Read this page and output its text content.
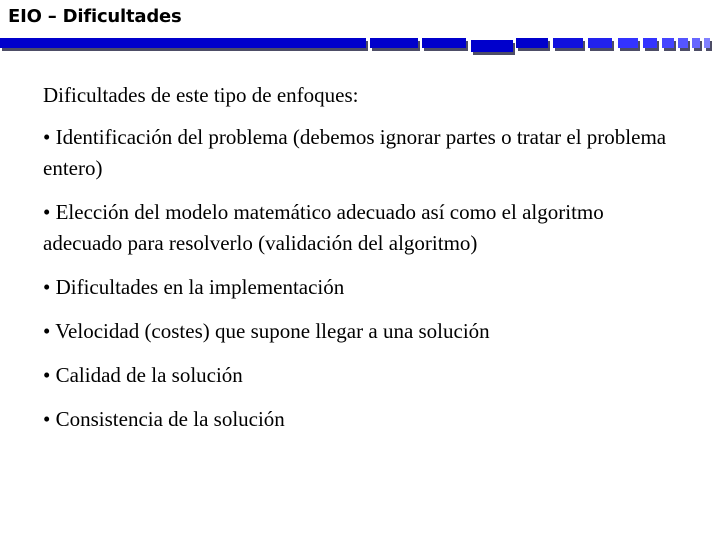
EIO – Dificultades

Dificultades de este tipo de enfoques:

• Identificación del problema (debemos ignorar partes o tratar el problema entero)

• Elección del modelo matemático adecuado así como el algoritmo adecuado para resolverlo (validación del algoritmo)

• Dificultades en la implementación

• Velocidad (costes) que supone llegar a una solución

• Calidad de la solución

• Consistencia de la solución
